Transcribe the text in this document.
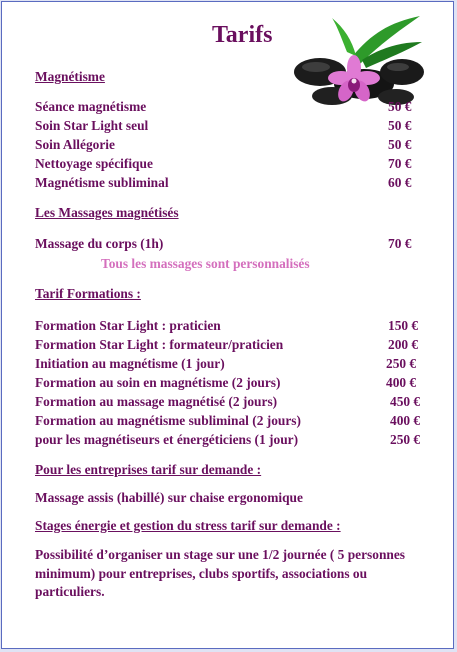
Tarifs
Magnétisme
Séance magnétisme	50 €
Soin Star Light seul	50 €
Soin Allégorie	50 €
Nettoyage spécifique	70 €
Magnétisme subliminal	60 €
Les Massages magnétisés
Massage du corps (1h)	70 €
Tous les massages sont personnalisés
Tarif Formations :
Formation Star Light : praticien	150 €
Formation Star Light : formateur/praticien	200 €
Initiation au magnétisme (1 jour)	250 €
Formation au soin en magnétisme (2 jours)	400 €
Formation au massage magnétisé (2 jours)	450 €
Formation au magnétisme subliminal (2 jours)	400 €
pour les magnétiseurs et énergéticiens (1 jour)	250 €
Pour les entreprises tarif sur demande :
Massage assis (habillé) sur chaise ergonomique
Stages énergie et gestion du stress tarif sur demande :
Possibilité d’organiser un stage sur une 1/2 journée ( 5 personnes minimum) pour entreprises, clubs sportifs, associations ou particuliers.
